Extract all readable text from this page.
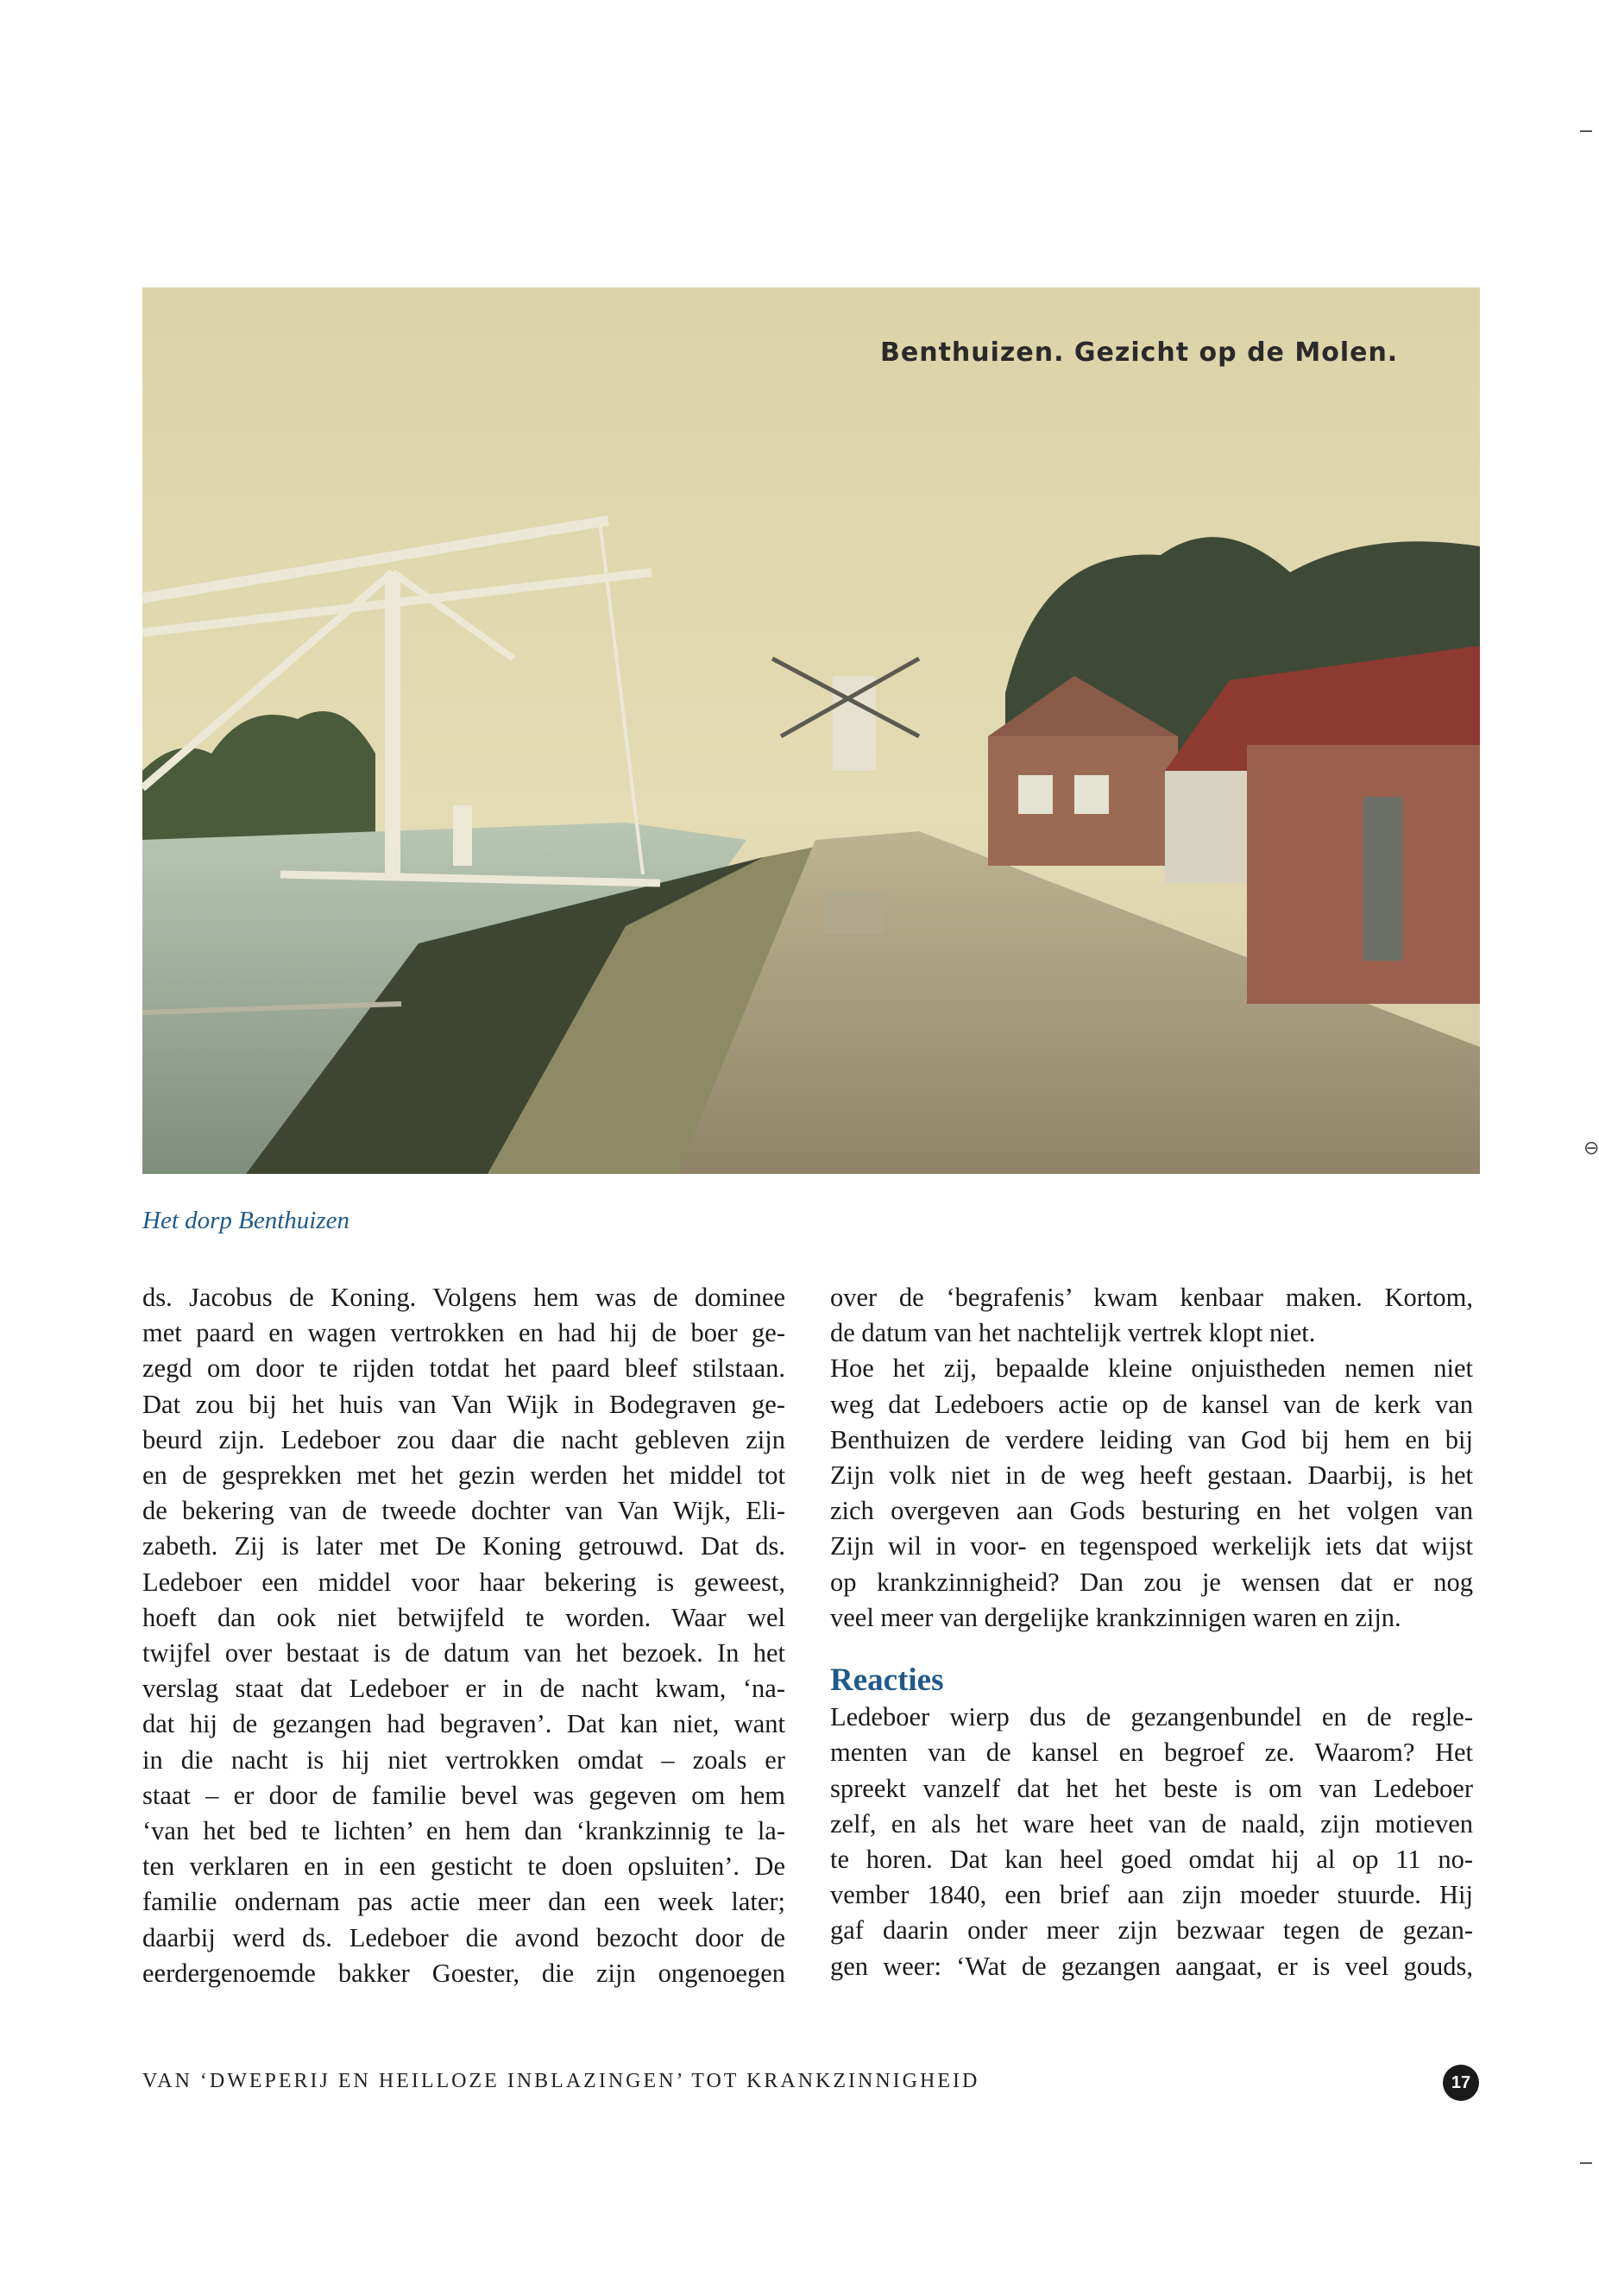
⊖
Benthuizen. Gezicht op de Molen.
Het dorp Benthuizen
ds. Jacobus de Koning. Volgens hem was de dominee
met paard en wagen vertrokken en had hij de boer ge-
zegd om door te rijden totdat het paard bleef stilstaan.
Dat zou bij het huis van Van Wijk in Bodegraven ge-
beurd zijn. Ledeboer zou daar die nacht gebleven zijn
en de gesprekken met het gezin werden het middel tot
de bekering van de tweede dochter van Van Wijk, Eli-
zabeth. Zij is later met De Koning getrouwd. Dat ds.
Ledeboer een middel voor haar bekering is geweest,
hoeft dan ook niet betwijfeld te worden. Waar wel
twijfel over bestaat is de datum van het bezoek. In het
verslag staat dat Ledeboer er in de nacht kwam, ‘na-
dat hij de gezangen had begraven’. Dat kan niet, want
in die nacht is hij niet vertrokken omdat – zoals er
staat – er door de familie bevel was gegeven om hem
‘van het bed te lichten’ en hem dan ‘krankzinnig te la-
ten verklaren en in een gesticht te doen opsluiten’. De
familie ondernam pas actie meer dan een week later;
daarbij werd ds. Ledeboer die avond bezocht door de
eerdergenoemde bakker Goester, die zijn ongenoegen
over de ‘begrafenis’ kwam kenbaar maken. Kortom,
de datum van het nachtelijk vertrek klopt niet.
Hoe het zij, bepaalde kleine onjuistheden nemen niet
weg dat Ledeboers actie op de kansel van de kerk van
Benthuizen de verdere leiding van God bij hem en bij
Zijn volk niet in de weg heeft gestaan. Daarbij, is het
zich overgeven aan Gods besturing en het volgen van
Zijn wil in voor- en tegenspoed werkelijk iets dat wijst
op krankzinnigheid? Dan zou je wensen dat er nog
veel meer van dergelijke krankzinnigen waren en zijn.
Reacties
Ledeboer wierp dus de gezangenbundel en de regle-
menten van de kansel en begroef ze. Waarom? Het
spreekt vanzelf dat het het beste is om van Ledeboer
zelf, en als het ware heet van de naald, zijn motieven
te horen. Dat kan heel goed omdat hij al op 11 no-
vember 1840, een brief aan zijn moeder stuurde. Hij
gaf daarin onder meer zijn bezwaar tegen de gezan-
gen weer: ‘Wat de gezangen aangaat, er is veel gouds,
VAN ‘DWEPERIJ EN HEILLOZE INBLAZINGEN’ TOT KRANKZINNIGHEID	17
